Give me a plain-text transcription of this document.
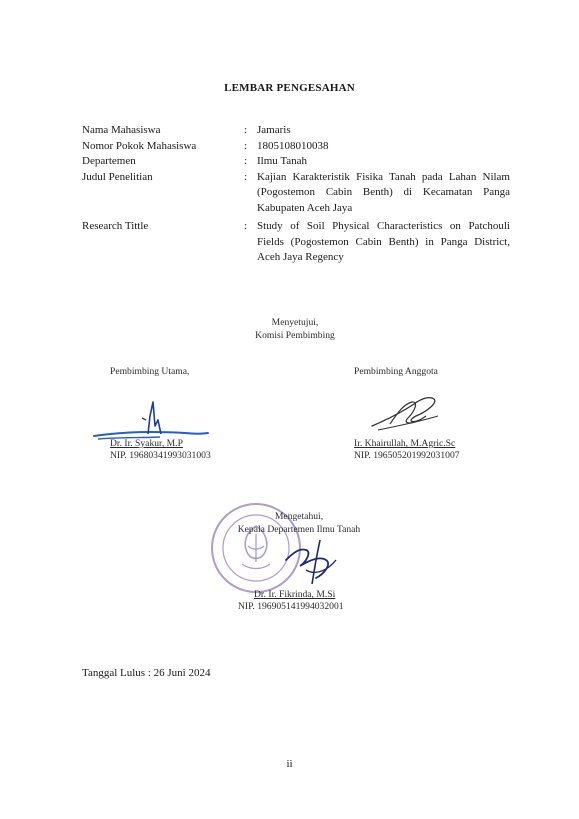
LEMBAR PENGESAHAN
Nama Mahasiswa	: Jamaris
Nomor Pokok Mahasiswa	: 1805108010038
Departemen	: Ilmu Tanah
Judul Penelitian	: Kajian Karakteristik Fisika Tanah pada Lahan Nilam (Pogostemon Cabin Benth) di Kecamatan Panga Kabupaten Aceh Jaya
Research Tittle	: Study of Soil Physical Characteristics on Patchouli Fields (Pogostemon Cabin Benth) in Panga District, Aceh Jaya Regency
Menyetujui,
Komisi Pembimbing
Pembimbing Utama,
Dr. Ir. Syakur, M.P
NIP. 19680341993031003
Pembimbing Anggota
Ir. Khairullah, M.Agric.Sc
NIP. 196505201992031007
Mengetahui,
Kepala Departemen Ilmu Tanah
Dr. Ir. Fikrinda, M.Si
NIP. 196905141994032001
Tanggal Lulus : 26 Juni 2024
ii
